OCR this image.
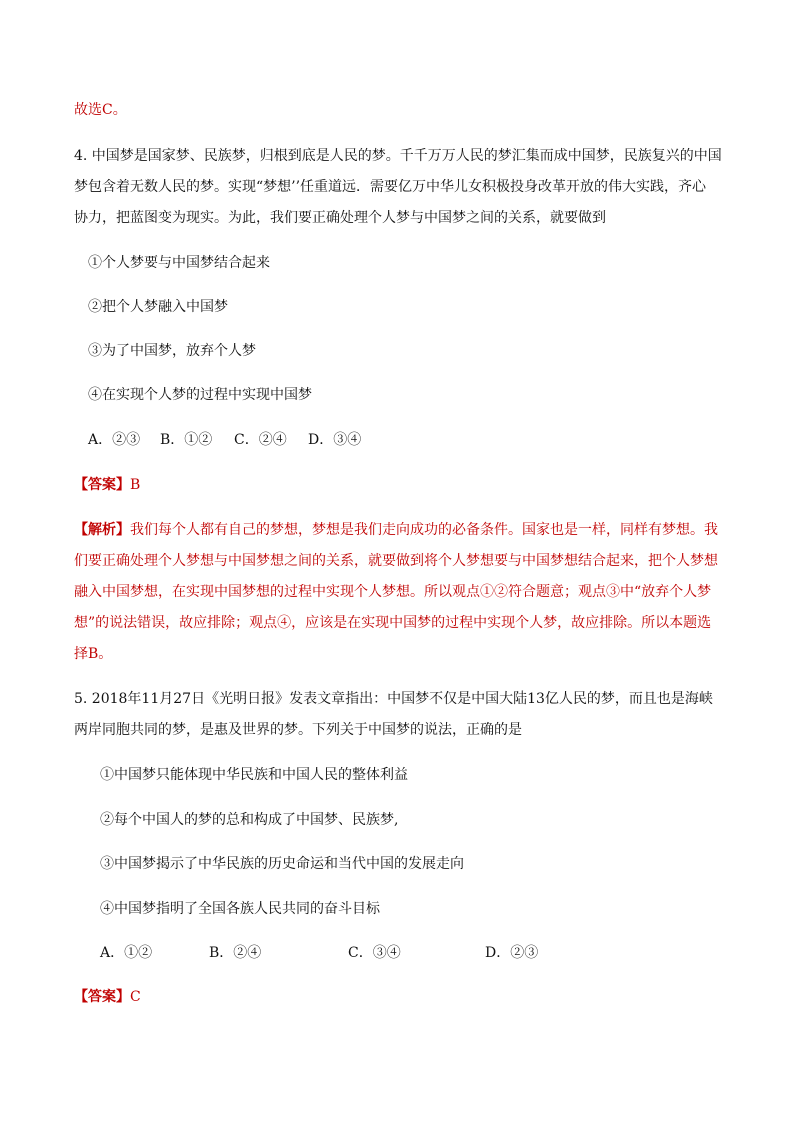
故选C。
4. 中国梦是国家梦、民族梦，归根到底是人民的梦。千千万万人民的梦汇集而成中国梦，民族复兴的中国
梦包含着无数人民的梦。实现“梦想’’任重道远．需要亿万中华儿女积极投身改革开放的伟大实践，齐心
协力，把蓝图变为现实。为此，我们要正确处理个人梦与中国梦之间的关系，就要做到
①个人梦要与中国梦结合起来
②把个人梦融入中国梦
③为了中国梦，放弃个人梦
④在实现个人梦的过程中实现中国梦
A．②③ B．①② C．②④ D．③④
【答案】B
【解析】我们每个人都有自己的梦想，梦想是我们走向成功的必备条件。国家也是一样，同样有梦想。我
们要正确处理个人梦想与中国梦想之间的关系，就要做到将个人梦想要与中国梦想结合起来，把个人梦想
融入中国梦想，在实现中国梦想的过程中实现个人梦想。所以观点①②符合题意；观点③中“放弃个人梦
想”的说法错误，故应排除；观点④，应该是在实现中国梦的过程中实现个人梦，故应排除。所以本题选
择B。
5. 2018年11月27日《光明日报》发表文章指出：中国梦不仅是中国大陆13亿人民的梦，而且也是海峡
两岸同胞共同的梦，是惠及世界的梦。下列关于中国梦的说法，正确的是
①中国梦只能体现中华民族和中国人民的整体利益
②每个中国人的梦的总和构成了中国梦、民族梦,
③中国梦揭示了中华民族的历史命运和当代中国的发展走向
④中国梦指明了全国各族人民共同的奋斗目标
A．①②	B．②④	C．③④	D．②③
【答案】C
